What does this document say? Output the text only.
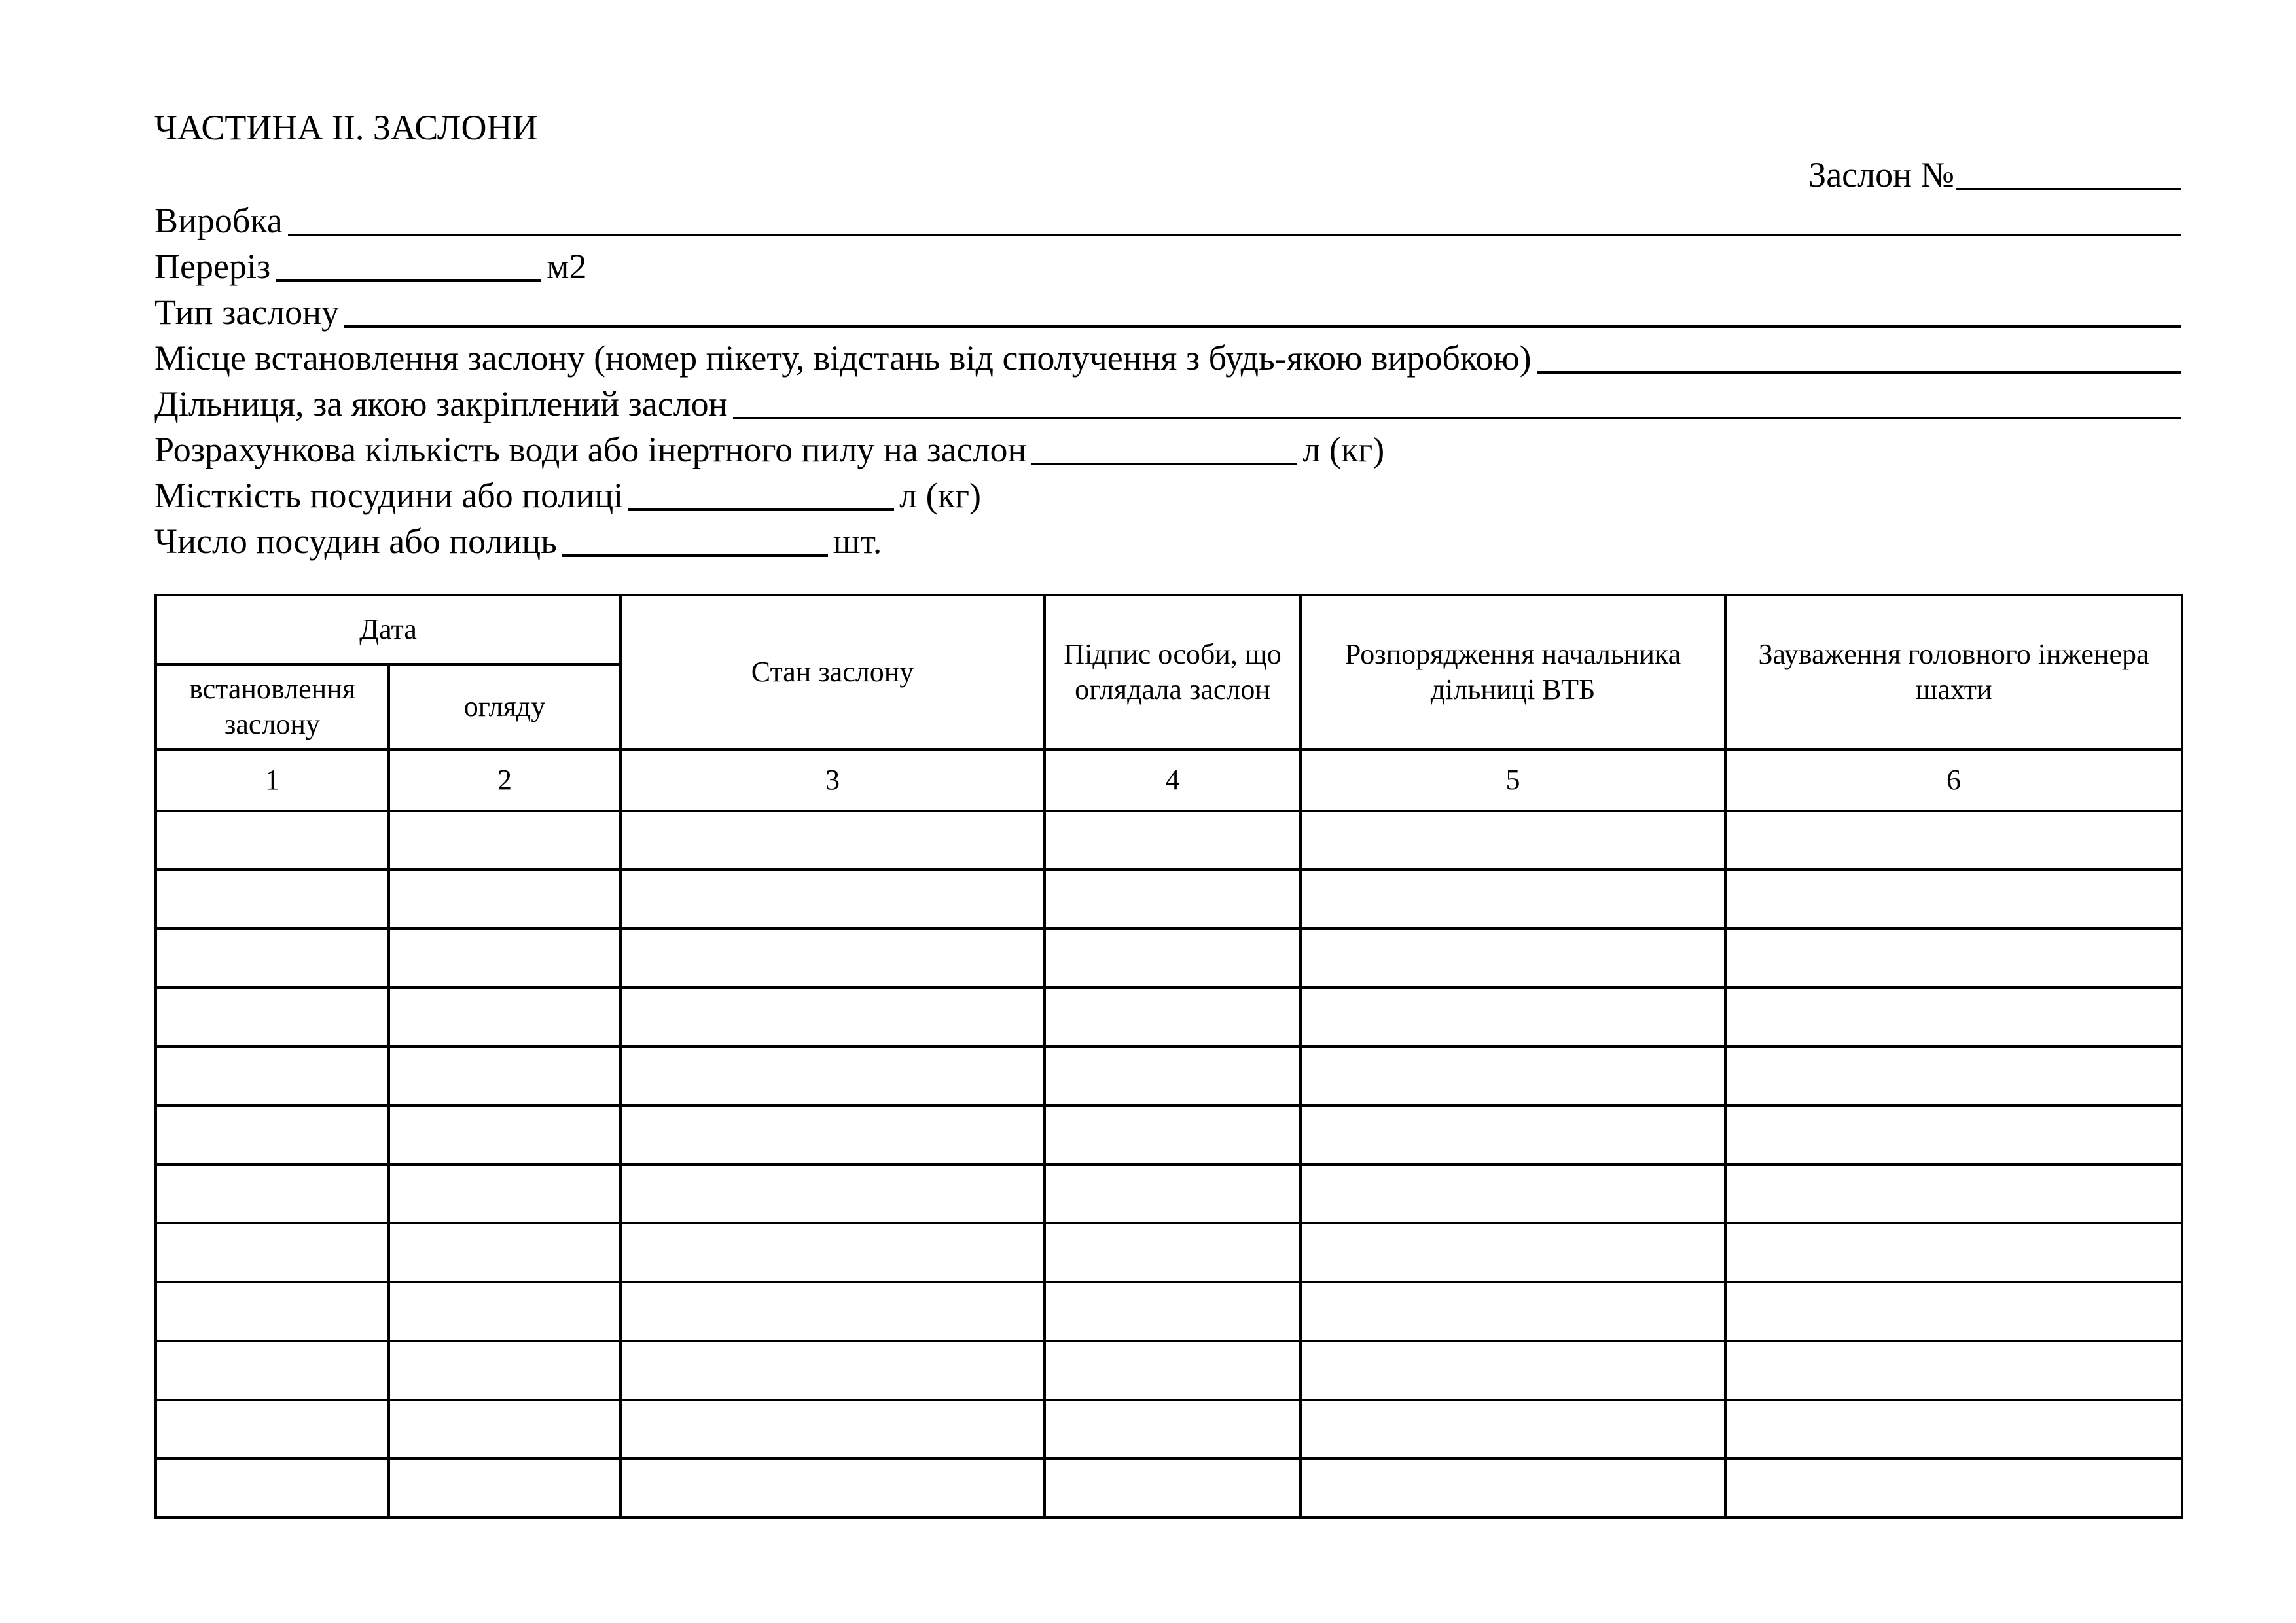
ЧАСТИНА ІІ. ЗАСЛОНИ
Заслон №
Виробка
Переріз	м2
Тип заслону
Місце встановлення заслону (номер пікету, відстань від сполучення з будь-якою виробкою)
Дільниця, за якою закріплений заслон
Розрахункова кількість води або інертного пилу на заслон	л (кг)
Місткість посудини або полиці	л (кг)
Число посудин або полиць	шт.
Дата		Стан заслону	Підпис особи, що оглядала заслон	Розпорядження начальника дільниці ВТБ	Зауваження головного інженера шахти
встановлення заслону	огляду				
1	2	3	4	5	6
